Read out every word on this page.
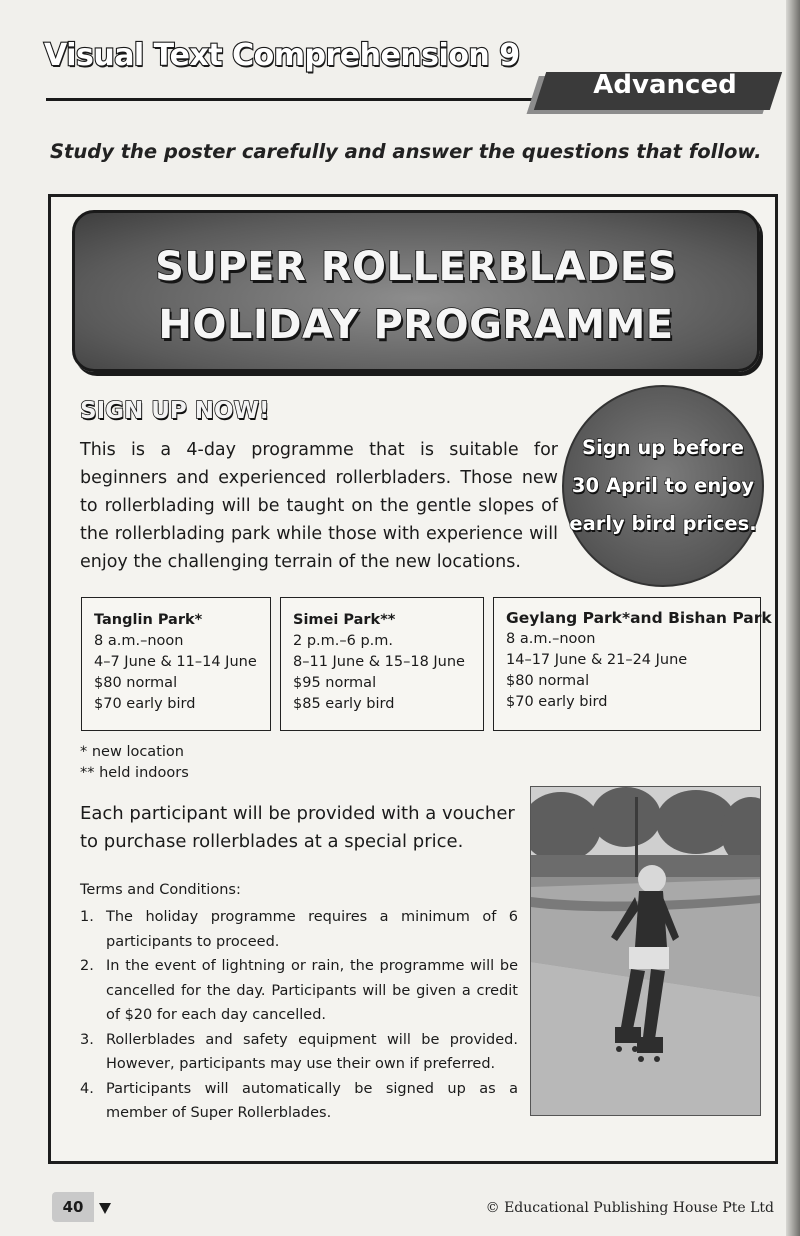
Visual Text Comprehension 9
Advanced
Study the poster carefully and answer the questions that follow.
SUPER ROLLERBLADES
HOLIDAY PROGRAMME
SIGN UP NOW!

This is a 4-day programme that is suitable for beginners and experienced rollerbladers. Those new to rollerblading will be taught on the gentle slopes of the rollerblading park while those with experience will enjoy the challenging terrain of the new locations.

Sign up before
30 April to enjoy
early bird prices.
Tanglin Park*
8 a.m.–noon
4–7 June & 11–14 June
$80 normal
$70 early bird
Simei Park**
2 p.m.–6 p.m.
8–11 June & 15–18 June
$95 normal
$85 early bird
Geylang Park*and Bishan Park
8 a.m.–noon
14–17 June & 21–24 June
$80 normal
$70 early bird
* new location
** held indoors

Each participant will be provided with a voucher to purchase rollerblades at a special price.

Terms and Conditions:
1. The holiday programme requires a minimum of 6 participants to proceed.
2. In the event of lightning or rain, the programme will be cancelled for the day. Participants will be given a credit of $20 for each day cancelled.
3. Rollerblades and safety equipment will be provided. However, participants may use their own if preferred.
4. Participants will automatically be signed up as a member of Super Rollerblades.
40	© Educational Publishing House Pte Ltd
